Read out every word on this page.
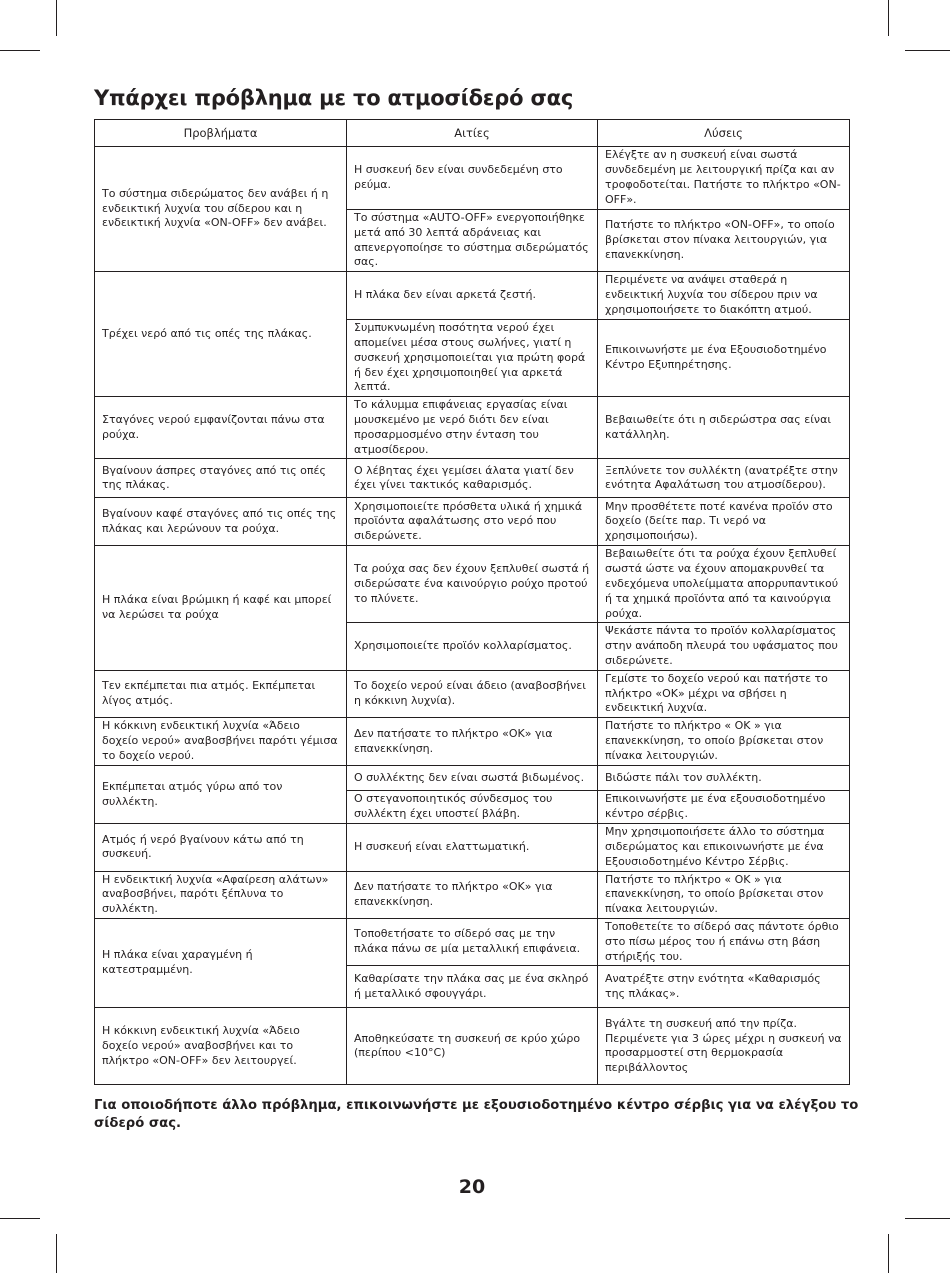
Υπάρχει πρόβλημα με το ατμοσίδερό σας
Προβλήματα	Αιτίες	Λύσεις
Το σύστημα σιδερώματος δεν ανάβει ή η ενδεικτική λυχνία του σίδερου και η ενδεικτική λυχνία «ON-OFF» δεν ανάβει.	Η συσκευή δεν είναι συνδεδεμένη στο ρεύμα.	Ελέγξτε αν η συσκευή είναι σωστά συνδεδεμένη με λειτουργική πρίζα και αν τροφοδοτείται. Πατήστε το πλήκτρο «ON-OFF».
	Το σύστημα «AUTO-OFF» ενεργοποιήθηκε μετά από 30 λεπτά αδράνειας και απενεργοποίησε το σύστημα σιδερώματός σας.	Πατήστε το πλήκτρο «ON-OFF», το οποίο βρίσκεται στον πίνακα λειτουργιών, για επανεκκίνηση.
Τρέχει νερό από τις οπές της πλάκας.	Η πλάκα δεν είναι αρκετά ζεστή.	Περιμένετε να ανάψει σταθερά η ενδεικτική λυχνία του σίδερου πριν να χρησιμοποιήσετε το διακόπτη ατμού.
	Συμπυκνωμένη ποσότητα νερού έχει απομείνει μέσα στους σωλήνες, γιατί η συσκευή χρησιμοποιείται για πρώτη φορά ή δεν έχει χρησιμοποιηθεί για αρκετά λεπτά.	Επικοινωνήστε με ένα Εξουσιοδοτημένο Κέντρο Εξυπηρέτησης.
Σταγόνες νερού εμφανίζονται πάνω στα ρούχα.	Το κάλυμμα επιφάνειας εργασίας είναι μουσκεμένο με νερό διότι δεν είναι προσαρμοσμένο στην ένταση του ατμοσίδερου.	Βεβαιωθείτε ότι η σιδερώστρα σας είναι κατάλληλη.
Βγαίνουν άσπρες σταγόνες από τις οπές της πλάκας.	Ο λέβητας έχει γεμίσει άλατα γιατί δεν έχει γίνει τακτικός καθαρισμός.	Ξεπλύνετε τον συλλέκτη (ανατρέξτε στην ενότητα Αφαλάτωση του ατμοσίδερου).
Βγαίνουν καφέ σταγόνες από τις οπές της πλάκας και λερώνουν τα ρούχα.	Χρησιμοποιείτε πρόσθετα υλικά ή χημικά προϊόντα αφαλάτωσης στο νερό που σιδερώνετε.	Μην προσθέτετε ποτέ κανένα προϊόν στο δοχείο (δείτε παρ. Τι νερό να χρησιμοποιήσω).
Η πλάκα είναι βρώμικη ή καφέ και μπορεί να λερώσει τα ρούχα	Τα ρούχα σας δεν έχουν ξεπλυθεί σωστά ή σιδερώσατε ένα καινούργιο ρούχο προτού το πλύνετε.	Βεβαιωθείτε ότι τα ρούχα έχουν ξεπλυθεί σωστά ώστε να έχουν απομακρυνθεί τα ενδεχόμενα υπολείμματα απορρυπαντικού ή τα χημικά προϊόντα από τα καινούργια ρούχα.
	Χρησιμοποιείτε προϊόν κολλαρίσματος.	Ψεκάστε πάντα το προϊόν κολλαρίσματος στην ανάποδη πλευρά του υφάσματος που σιδερώνετε.
Τεν εκπέμπεται πια ατμός. Εκπέμπεται λίγος ατμός.	Το δοχείο νερού είναι άδειο (αναβοσβήνει η κόκκινη λυχνία).	Γεμίστε το δοχείο νερού και πατήστε το πλήκτρο «ΟΚ» μέχρι να σβήσει η ενδεικτική λυχνία.
Η κόκκινη ενδεικτική λυχνία «Άδειο δοχείο νερού» αναβοσβήνει παρότι γέμισα το δοχείο νερού.	Δεν πατήσατε το πλήκτρο «ΟΚ» για επανεκκίνηση.	Πατήστε το πλήκτρο « ΟΚ » για επανεκκίνηση, το οποίο βρίσκεται στον πίνακα λειτουργιών.
Εκπέμπεται ατμός γύρω από τον συλλέκτη.	Ο συλλέκτης δεν είναι σωστά βιδωμένος.	Βιδώστε πάλι τον συλλέκτη.
	Ο στεγανοποιητικός σύνδεσμος του συλλέκτη έχει υποστεί βλάβη.	Επικοινωνήστε με ένα εξουσιοδοτημένο κέντρο σέρβις.
Ατμός ή νερό βγαίνουν κάτω από τη συσκευή.	Η συσκευή είναι ελαττωματική.	Μην χρησιμοποιήσετε άλλο το σύστημα σιδερώματος και επικοινωνήστε με ένα Εξουσιοδοτημένο Κέντρο Σέρβις.
Η ενδεικτική λυχνία «Αφαίρεση αλάτων» αναβοσβήνει, παρότι ξέπλυνα το συλλέκτη.	Δεν πατήσατε το πλήκτρο «ΟΚ» για επανεκκίνηση.	Πατήστε το πλήκτρο « ΟΚ » για επανεκκίνηση, το οποίο βρίσκεται στον πίνακα λειτουργιών.
Η πλάκα είναι χαραγμένη ή κατεστραμμένη.	Τοποθετήσατε το σίδερό σας με την πλάκα πάνω σε μία μεταλλική επιφάνεια.	Τοποθετείτε το σίδερό σας πάντοτε όρθιο στο πίσω μέρος του ή επάνω στη βάση στήριξής του.
	Καθαρίσατε την πλάκα σας με ένα σκληρό ή μεταλλικό σφουγγάρι.	Ανατρέξτε στην ενότητα «Καθαρισμός της πλάκας».
Η κόκκινη ενδεικτική λυχνία «Άδειο δοχείο νερού» αναβοσβήνει και το πλήκτρο «ON-OFF» δεν λειτουργεί.	Αποθηκεύσατε τη συσκευή σε κρύο χώρο (περίπου <10°C)	Βγάλτε τη συσκευή από την πρίζα. Περιμένετε για 3 ώρες μέχρι η συσκευή να προσαρμοστεί στη θερμοκρασία περιβάλλοντος

Για οποιοδήποτε άλλο πρόβλημα, επικοινωνήστε με εξουσιοδοτημένο κέντρο σέρβις για να ελέγξου το σίδερό σας.

20
